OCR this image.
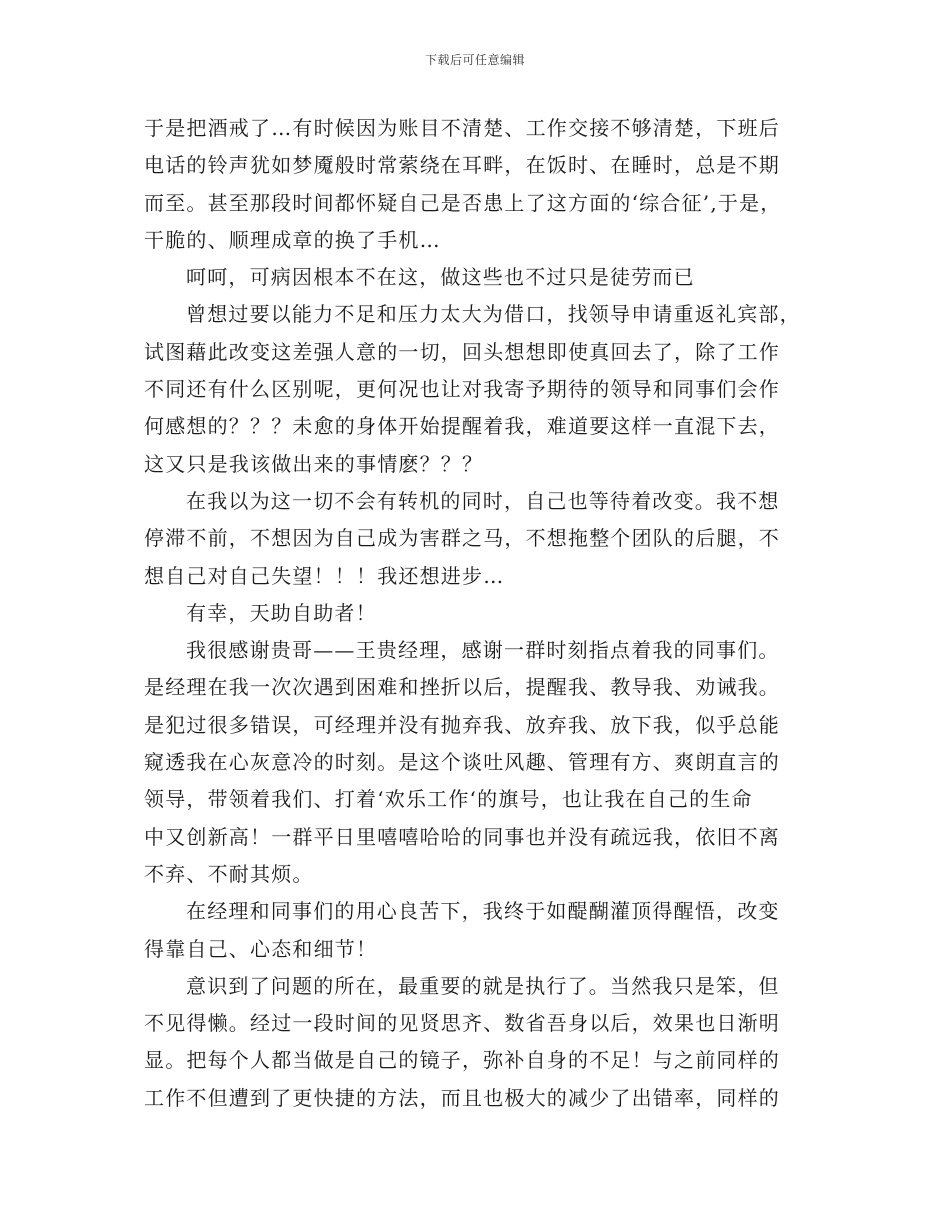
下载后可任意编辑
于是把酒戒了…有时候因为账目不清楚、工作交接不够清楚，下班后
电话的铃声犹如梦魇般时常萦绕在耳畔，在饭时、在睡时，总是不期
而至。甚至那段时间都怀疑自己是否患上了这方面的‘综合征’,于是，
干脆的、顺理成章的换了手机…
呵呵，可病因根本不在这，做这些也不过只是徒劳而已
曾想过要以能力不足和压力太大为借口，找领导申请重返礼宾部，
试图藉此改变这差强人意的一切，回头想想即使真回去了，除了工作
不同还有什么区别呢，更何况也让对我寄予期待的领导和同事们会作
何感想的？？？未愈的身体开始提醒着我，难道要这样一直混下去，
这又只是我该做出来的事情麽？？？
在我以为这一切不会有转机的同时，自己也等待着改变。我不想
停滞不前，不想因为自己成为害群之马，不想拖整个团队的后腿，不
想自己对自己失望！！！我还想进步…
有幸，天助自助者！
我很感谢贵哥——王贵经理，感谢一群时刻指点着我的同事们。
是经理在我一次次遇到困难和挫折以后，提醒我、教导我、劝诫我。
是犯过很多错误，可经理并没有抛弃我、放弃我、放下我，似乎总能
窥透我在心灰意冷的时刻。是这个谈吐风趣、管理有方、爽朗直言的
领导，带领着我们、打着‘欢乐工作‘的旗号，也让我在自己的生命
中又创新高！一群平日里嘻嘻哈哈的同事也并没有疏远我，依旧不离
不弃、不耐其烦。
在经理和同事们的用心良苦下，我终于如醍醐灌顶得醒悟，改变
得靠自己、心态和细节！
意识到了问题的所在，最重要的就是执行了。当然我只是笨，但
不见得懒。经过一段时间的见贤思齐、数省吾身以后，效果也日渐明
显。把每个人都当做是自己的镜子，弥补自身的不足！与之前同样的
工作不但遭到了更快捷的方法，而且也极大的减少了出错率，同样的
